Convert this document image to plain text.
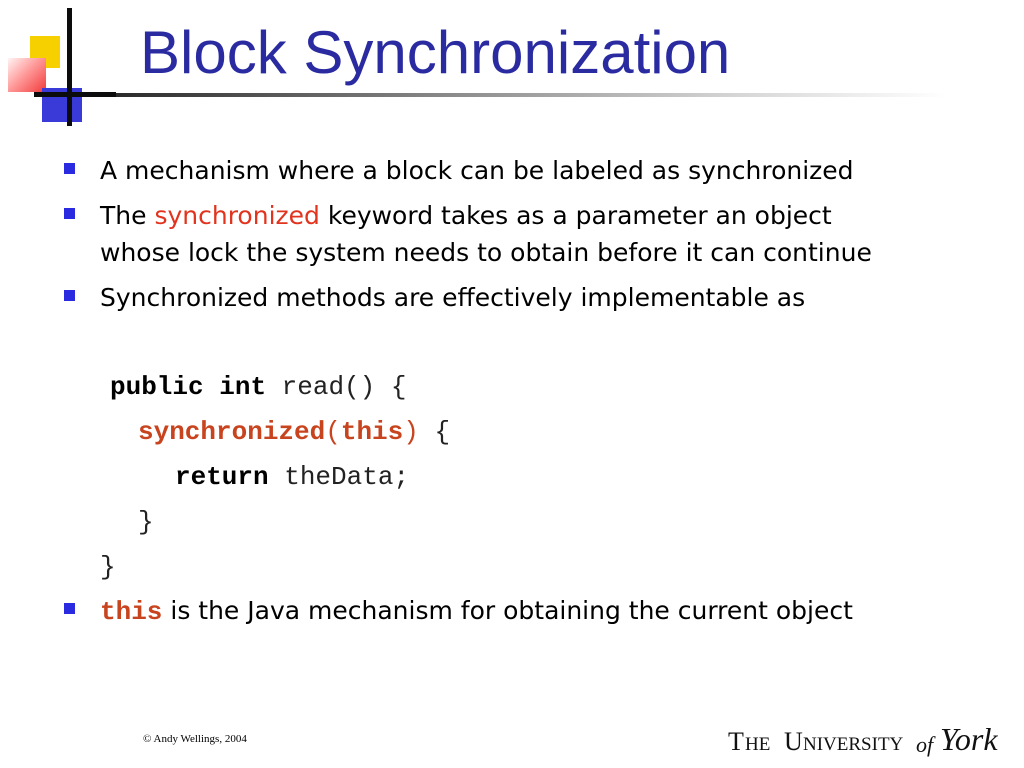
Block Synchronization
A mechanism where a block can be labeled as synchronized
The synchronized keyword takes as a parameter an object
whose lock the system needs to obtain before it can continue
Synchronized methods are effectively implementable as
public int read() {
synchronized(this) {
return theData;
}
}
this is the Java mechanism for obtaining the current object
© Andy Wellings, 2004	T HE U NIVERSITY of York
